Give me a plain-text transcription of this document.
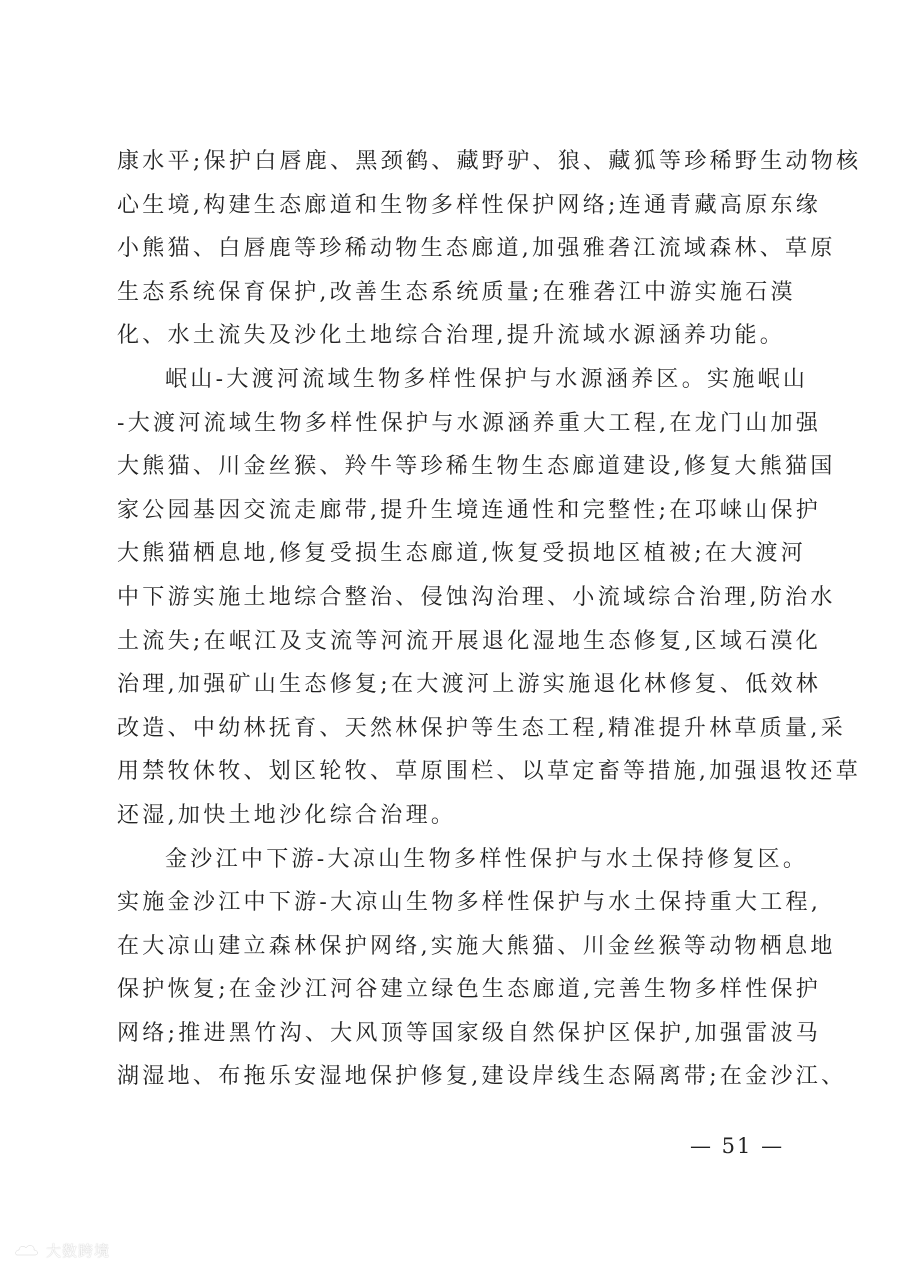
康水平;保护白唇鹿、黑颈鹤、藏野驴、狼、藏狐等珍稀野生动物核
心生境,构建生态廊道和生物多样性保护网络;连通青藏高原东缘
小熊猫、白唇鹿等珍稀动物生态廊道,加强雅砻江流域森林、草原
生态系统保育保护,改善生态系统质量;在雅砻江中游实施石漠
化、水土流失及沙化土地综合治理,提升流域水源涵养功能。
岷山-大渡河流域生物多样性保护与水源涵养区。实施岷山
-大渡河流域生物多样性保护与水源涵养重大工程,在龙门山加强
大熊猫、川金丝猴、羚牛等珍稀生物生态廊道建设,修复大熊猫国
家公园基因交流走廊带,提升生境连通性和完整性;在邛崃山保护
大熊猫栖息地,修复受损生态廊道,恢复受损地区植被;在大渡河
中下游实施土地综合整治、侵蚀沟治理、小流域综合治理,防治水
土流失;在岷江及支流等河流开展退化湿地生态修复,区域石漠化
治理,加强矿山生态修复;在大渡河上游实施退化林修复、低效林
改造、中幼林抚育、天然林保护等生态工程,精准提升林草质量,采
用禁牧休牧、划区轮牧、草原围栏、以草定畜等措施,加强退牧还草
还湿,加快土地沙化综合治理。
金沙江中下游-大凉山生物多样性保护与水土保持修复区。
实施金沙江中下游-大凉山生物多样性保护与水土保持重大工程,
在大凉山建立森林保护网络,实施大熊猫、川金丝猴等动物栖息地
保护恢复;在金沙江河谷建立绿色生态廊道,完善生物多样性保护
网络;推进黑竹沟、大风顶等国家级自然保护区保护,加强雷波马
湖湿地、布拖乐安湿地保护修复,建设岸线生态隔离带;在金沙江、
— 51 —
大数跨境
